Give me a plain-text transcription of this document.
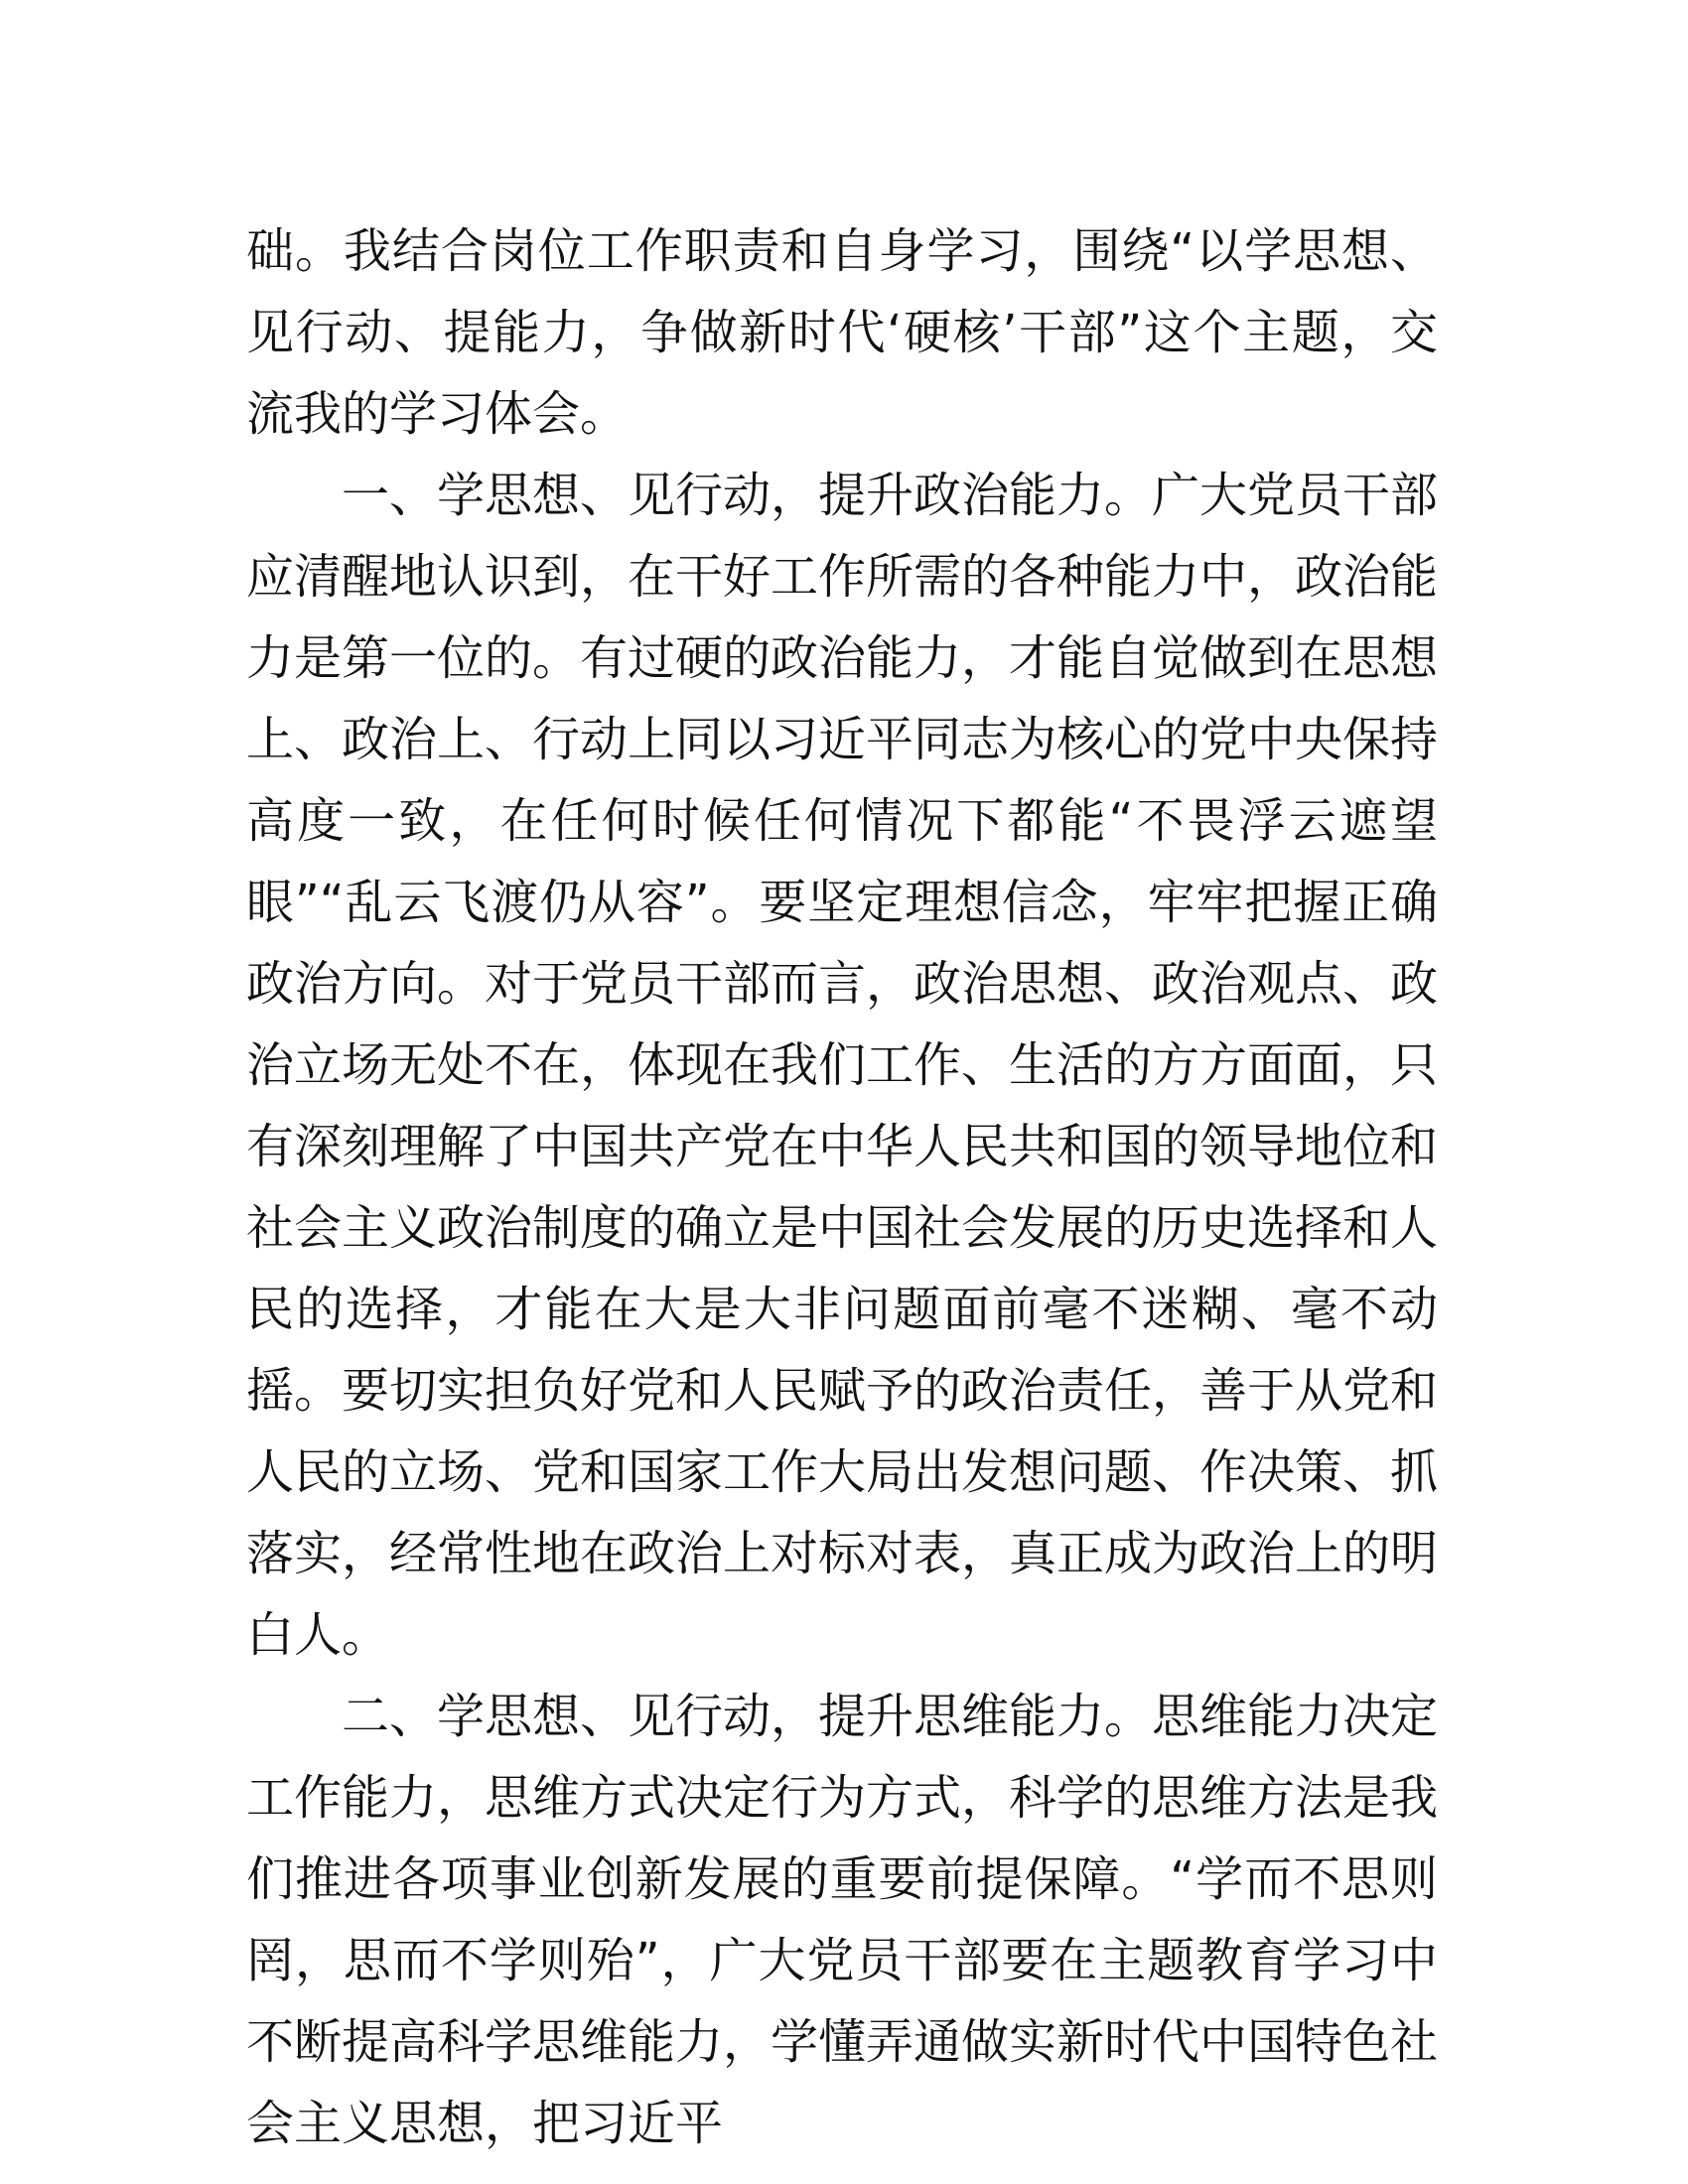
础。我结合岗位工作职责和自身学习，围绕“以学思想、见行动、提能力，争做新时代‘硬核’干部”这个主题，交流我的学习体会。

一、学思想、见行动，提升政治能力。广大党员干部应清醒地认识到，在干好工作所需的各种能力中，政治能力是第一位的。有过硬的政治能力，才能自觉做到在思想上、政治上、行动上同以习近平同志为核心的党中央保持高度一致，在任何时候任何情况下都能“不畏浮云遮望眼”“乱云飞渡仍从容”。要坚定理想信念，牢牢把握正确政治方向。对于党员干部而言，政治思想、政治观点、政治立场无处不在，体现在我们工作、生活的方方面面，只有深刻理解了中国共产党在中华人民共和国的领导地位和社会主义政治制度的确立是中国社会发展的历史选择和人民的选择，才能在大是大非问题面前毫不迷糊、毫不动摇。要切实担负好党和人民赋予的政治责任，善于从党和人民的立场、党和国家工作大局出发想问题、作决策、抓落实，经常性地在政治上对标对表，真正成为政治上的明白人。

二、学思想、见行动，提升思维能力。思维能力决定工作能力，思维方式决定行为方式，科学的思维方法是我们推进各项事业创新发展的重要前提保障。“学而不思则罔，思而不学则殆”，广大党员干部要在主题教育学习中不断提高科学思维能力，学懂弄通做实新时代中国特色社会主义思想，把习近平
